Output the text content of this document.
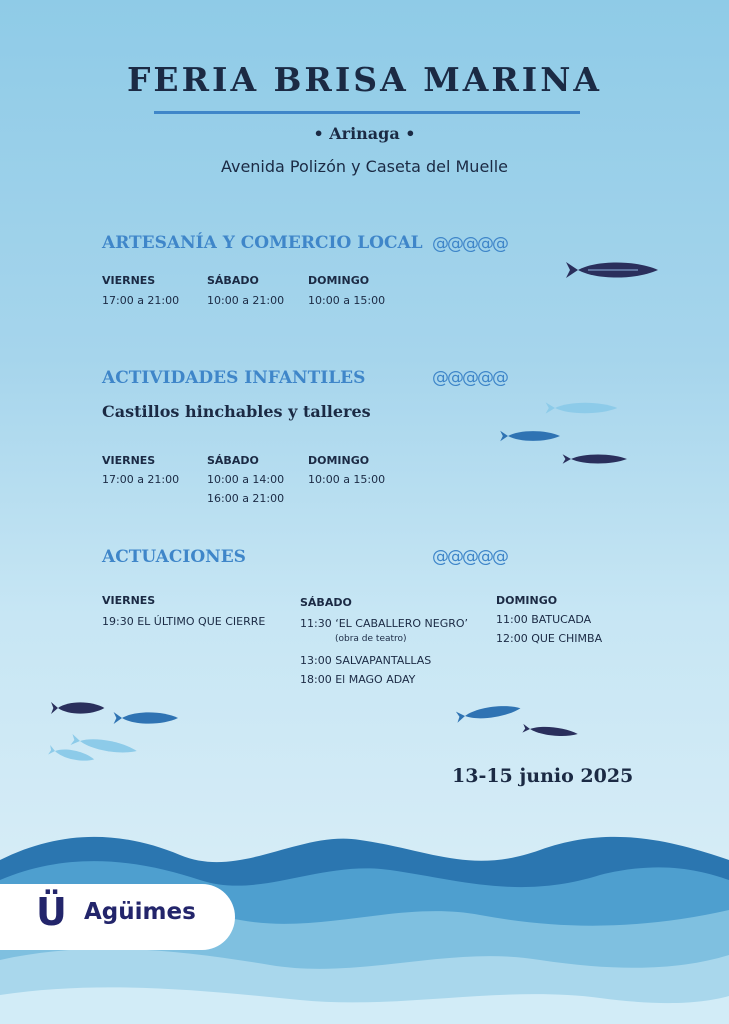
FERIA BRISA MARINA
• Arinaga •
Avenida Polizón y Caseta del Muelle
ARTESANÍA Y COMERCIO LOCAL @@@@@
VIERNES
17:00 a 21:00
SÁBADO
10:00 a 21:00
DOMINGO
10:00 a 15:00
ACTIVIDADES INFANTILES	@@@@@
Castillos hinchables y talleres
VIERNES
17:00 a 21:00
SÁBADO
10:00 a 14:00
16:00 a 21:00
DOMINGO
10:00 a 15:00
ACTUACIONES	@@@@@
VIERNES
19:30 EL ÚLTIMO QUE CIERRE
SÁBADO
11:30 ‘EL CABALLERO NEGRO’
(obra de teatro)
13:00 SALVAPANTALLAS
18:00 El MAGO ADAY
DOMINGO
11:00 BATUCADA
12:00 QUE CHIMBA
13-15 junio 2025
Ü Agüimes
